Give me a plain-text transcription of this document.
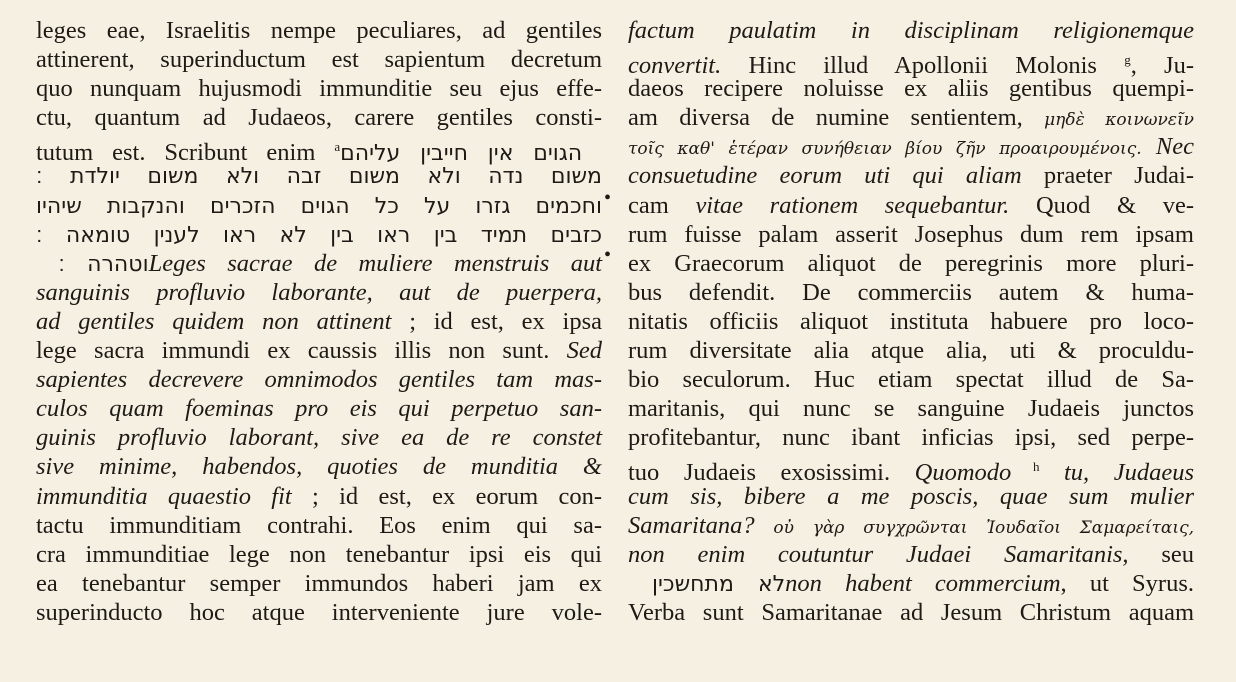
leges eae, Israelitis nempe peculiares, ad gentiles
attinerent, superinductum est sapientum decretum
quo nunquam hujusmodi immunditie seu ejus effe-
ctu, quantum ad Judaeos, carere gentiles consti-
tutum est. Scribunt enim $^a$ הגוים אין חייבין עליהם
משום נדה ולא משום זבה ולא משום יולדת ׃
וחכמים גזרו על כל הגוים הזכרים והנקבות שיהיו
כזבים תמיד בין ראו בין לא ראו לענין טומאה ׃
וטהרה ׃ Leges sacrae de muliere menstruis aut
sanguinis profluvio laborante, aut de puerpera,
ad gentiles quidem non attinent ; id est, ex ipsa
lege sacra immundi ex caussis illis non sunt. Sed
sapientes decrevere omnimodos gentiles tam mas-
culos quam foeminas pro eis qui perpetuo san-
guinis profluvio laborant, sive ea de re constet
sive minime, habendos, quoties de munditia &
immunditia quaestio fit ; id est, ex eorum con-
tactu immunditiam contrahi. Eos enim qui sa-
cra immunditiae lege non tenebantur ipsi eis qui
ea tenebantur semper immundos haberi jam ex
superinducto hoc atque interveniente jure vole-
factum paulatim in disciplinam religionemque
convertit. Hinc illud Apollonii Molonis $^g$, Ju-
daeos recipere noluisse ex aliis gentibus quempi-
am diversa de numine sentientem, μηδὲ κοινωνεῖν
τοῖς καθ' ἑτέραν συνήθειαν βίου ζῆν προαιρουμένοις. Nec
consuetudine eorum uti qui aliam praeter Judai-
cam vitae rationem sequebantur. Quod & ve-
rum fuisse palam asserit Josephus dum rem ipsam
ex Graecorum aliquot de peregrinis more pluri-
bus defendit. De commerciis autem & huma-
nitatis officiis aliquot instituta habuere pro loco-
rum diversitate alia atque alia, uti & proculdu-
bio seculorum. Huc etiam spectat illud de Sa-
maritanis, qui nunc se sanguine Judaeis junctos
profitebantur, nunc ibant inficias ipsi, sed perpe-
tuo Judaeis exosissimi. Quomodo $^h$ tu, Judaeus
cum sis, bibere a me poscis, quae sum mulier
Samaritana? οὐ γὰρ συγχρῶνται Ἰουδαῖοι Σαμαρείταις,
non enim coutuntur Judaei Samaritanis, seu
לא מתחשכין non habent commercium, ut Syrus.
Verba sunt Samaritanae ad Jesum Christum aquam
•
•
